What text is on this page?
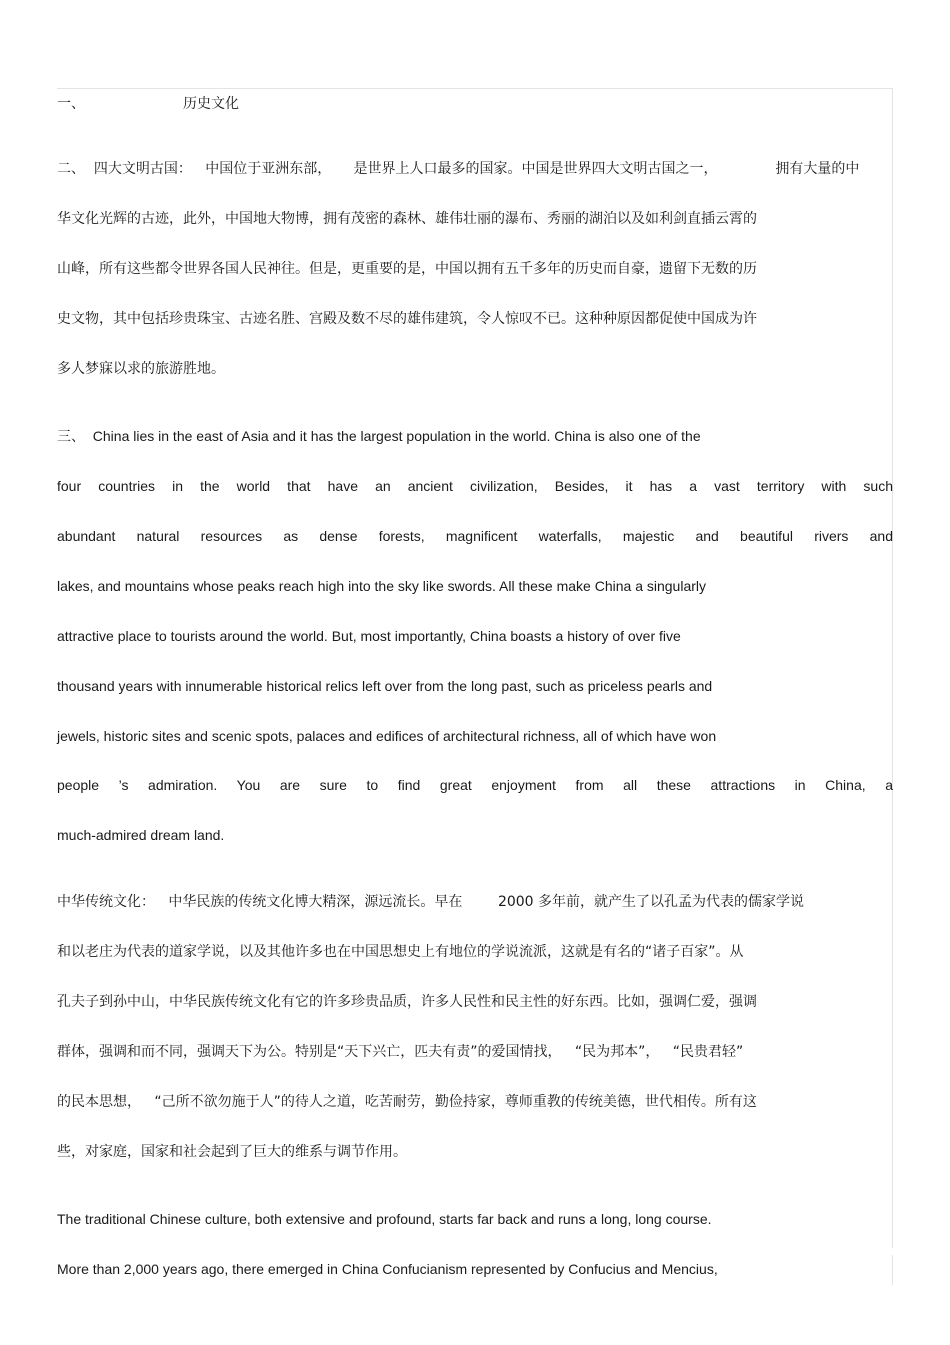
一、	历史文化
二、  四大文明古国：   中国位于亚洲东部，     是世界上人口最多的国家。中国是世界四大文明古国之一，             拥有大量的中
华文化光辉的古迹，此外，中国地大物博，拥有茂密的森林、雄伟壮丽的瀑布、秀丽的湖泊以及如利剑直插云霄的
山峰，所有这些都令世界各国人民神往。但是，更重要的是，中国以拥有五千多年的历史而自豪，遗留下无数的历
史文物，其中包括珍贵珠宝、古迹名胜、宫殿及数不尽的雄伟建筑，令人惊叹不已。这种种原因都促使中国成为许
多人梦寐以求的旅游胜地。
三、  China lies in the east of Asia and it has the largest population in the world. China is also one of the
four countries in the world that have an ancient civilization, Besides, it has a vast territory with such
abundant natural resources as dense forests, magnificent waterfalls, majestic and beautiful rivers and
lakes, and mountains whose peaks reach high into the sky like swords. All these make China a singularly
attractive place to tourists around the world. But, most importantly, China boasts a history of over five
thousand years with innumerable historical relics left over from the long past, such as priceless pearls and
jewels, historic sites and scenic spots, palaces and edifices of architectural richness, all of which have won
people ’s admiration. You are sure to find great enjoyment from all these attractions in China, a
much-admired dream land.
中华传统文化：   中华民族的传统文化博大精深，源远流长。早在        2000 多年前，就产生了以孔孟为代表的儒家学说
和以老庄为代表的道家学说，以及其他许多也在中国思想史上有地位的学说流派，这就是有名的“诸子百家”。从
孔夫子到孙中山，中华民族传统文化有它的许多珍贵品质，许多人民性和民主性的好东西。比如，强调仁爱，强调
群体，强调和而不同，强调天下为公。特别是“天下兴亡，匹夫有责”的爱国情找，   “民为邦本”，   “民贵君轻”
的民本思想，   “己所不欲勿施于人”的待人之道，吃苦耐劳，勤俭持家，尊师重教的传统美德，世代相传。所有这
些，对家庭，国家和社会起到了巨大的维系与调节作用。
The traditional Chinese culture, both extensive and profound, starts far back and runs a long, long course.
More than 2,000 years ago, there emerged in China Confucianism represented by Confucius and Mencius,
